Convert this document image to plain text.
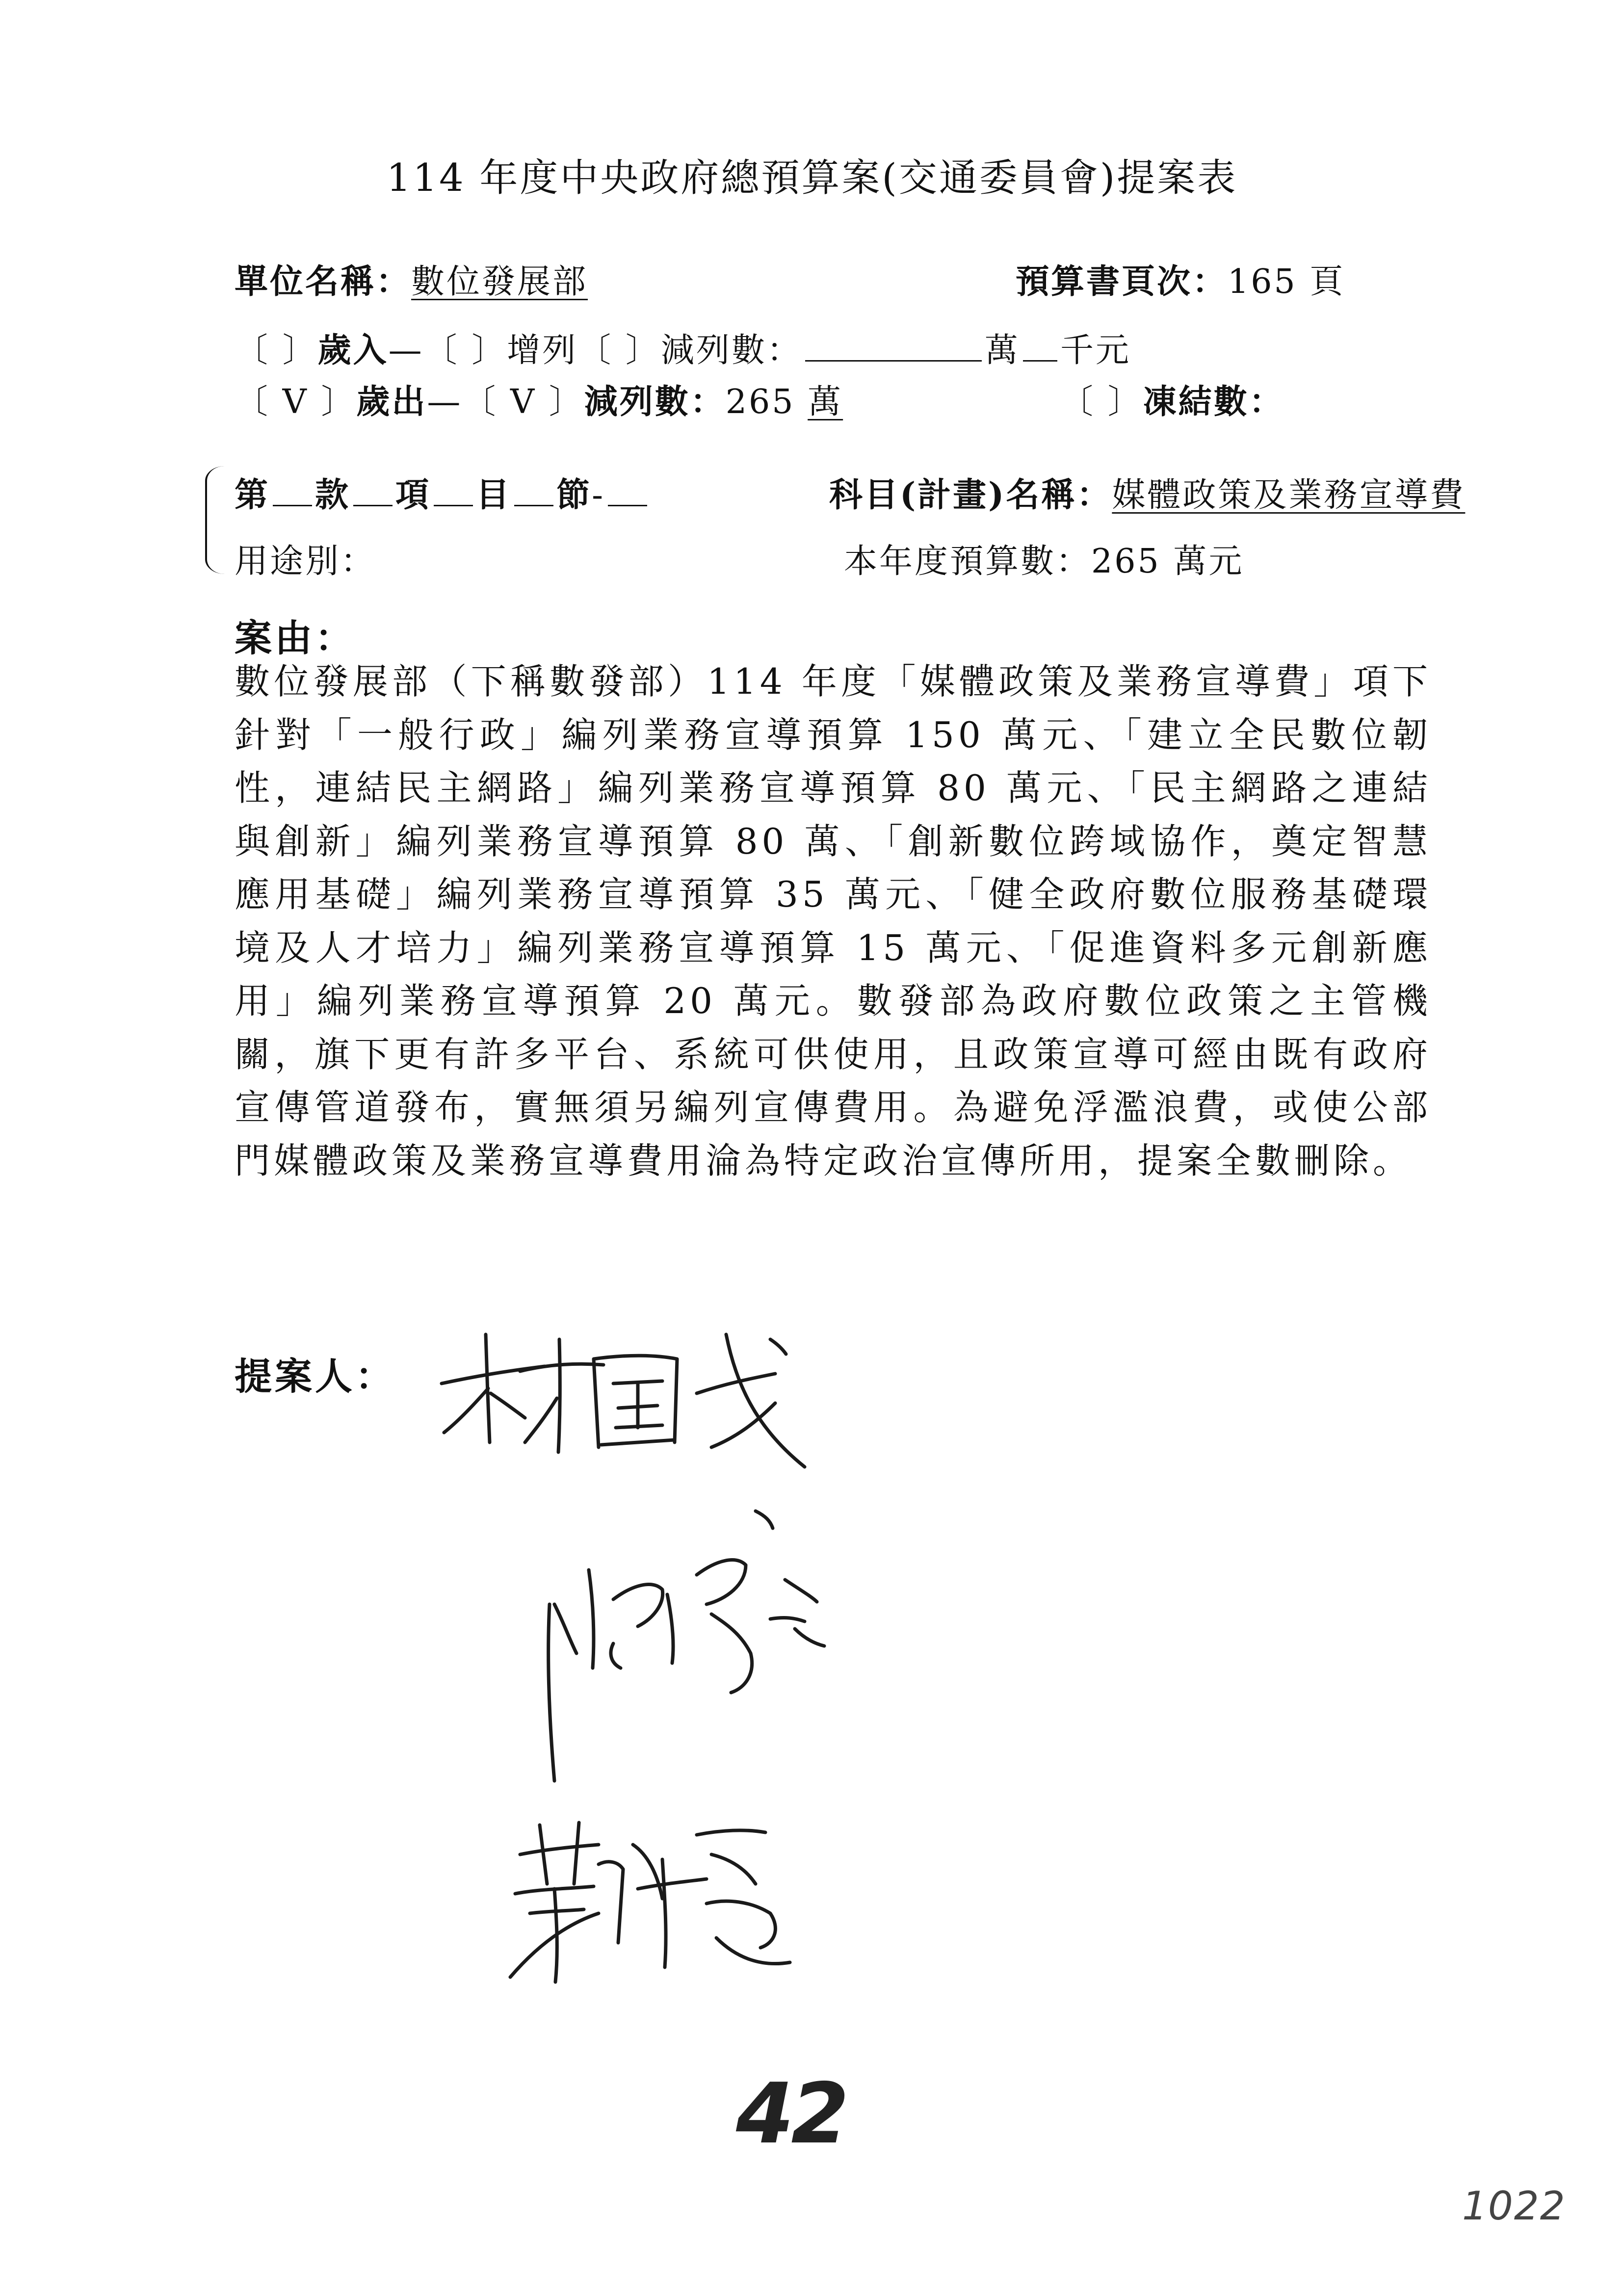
114 年度中央政府總預算案(交通委員會)提案表
單位名稱：數位發展部	預算書頁次：165 頁
〔 〕歲入—〔 〕增列〔 〕減列數：	萬 千元
〔 V 〕歲出—〔 V 〕減列數：265 萬	〔 〕凍結數：
第 款 項 目 節-	科目(計畫)名稱：媒體政策及業務宣導費
用途別：	本年度預算數：265 萬元
案由：
數位發展部（下稱數發部）114 年度「媒體政策及業務宣導費」項下針對「一般行政」編列業務宣導預算 150 萬元、「建立全民數位韌性，連結民主網路」編列業務宣導預算 80 萬元、「民主網路之連結與創新」編列業務宣導預算 80 萬、「創新數位跨域協作，奠定智慧應用基礎」編列業務宣導預算 35 萬元、「健全政府數位服務基礎環境及人才培力」編列業務宣導預算 15 萬元、「促進資料多元創新應用」編列業務宣導預算 20 萬元。數發部為政府數位政策之主管機關，旗下更有許多平台、系統可供使用，且政策宣導可經由既有政府宣傳管道發布，實無須另編列宣傳費用。為避免浮濫浪費，或使公部門媒體政策及業務宣導費用淪為特定政治宣傳所用，提案全數刪除。
提案人：
42
1022
